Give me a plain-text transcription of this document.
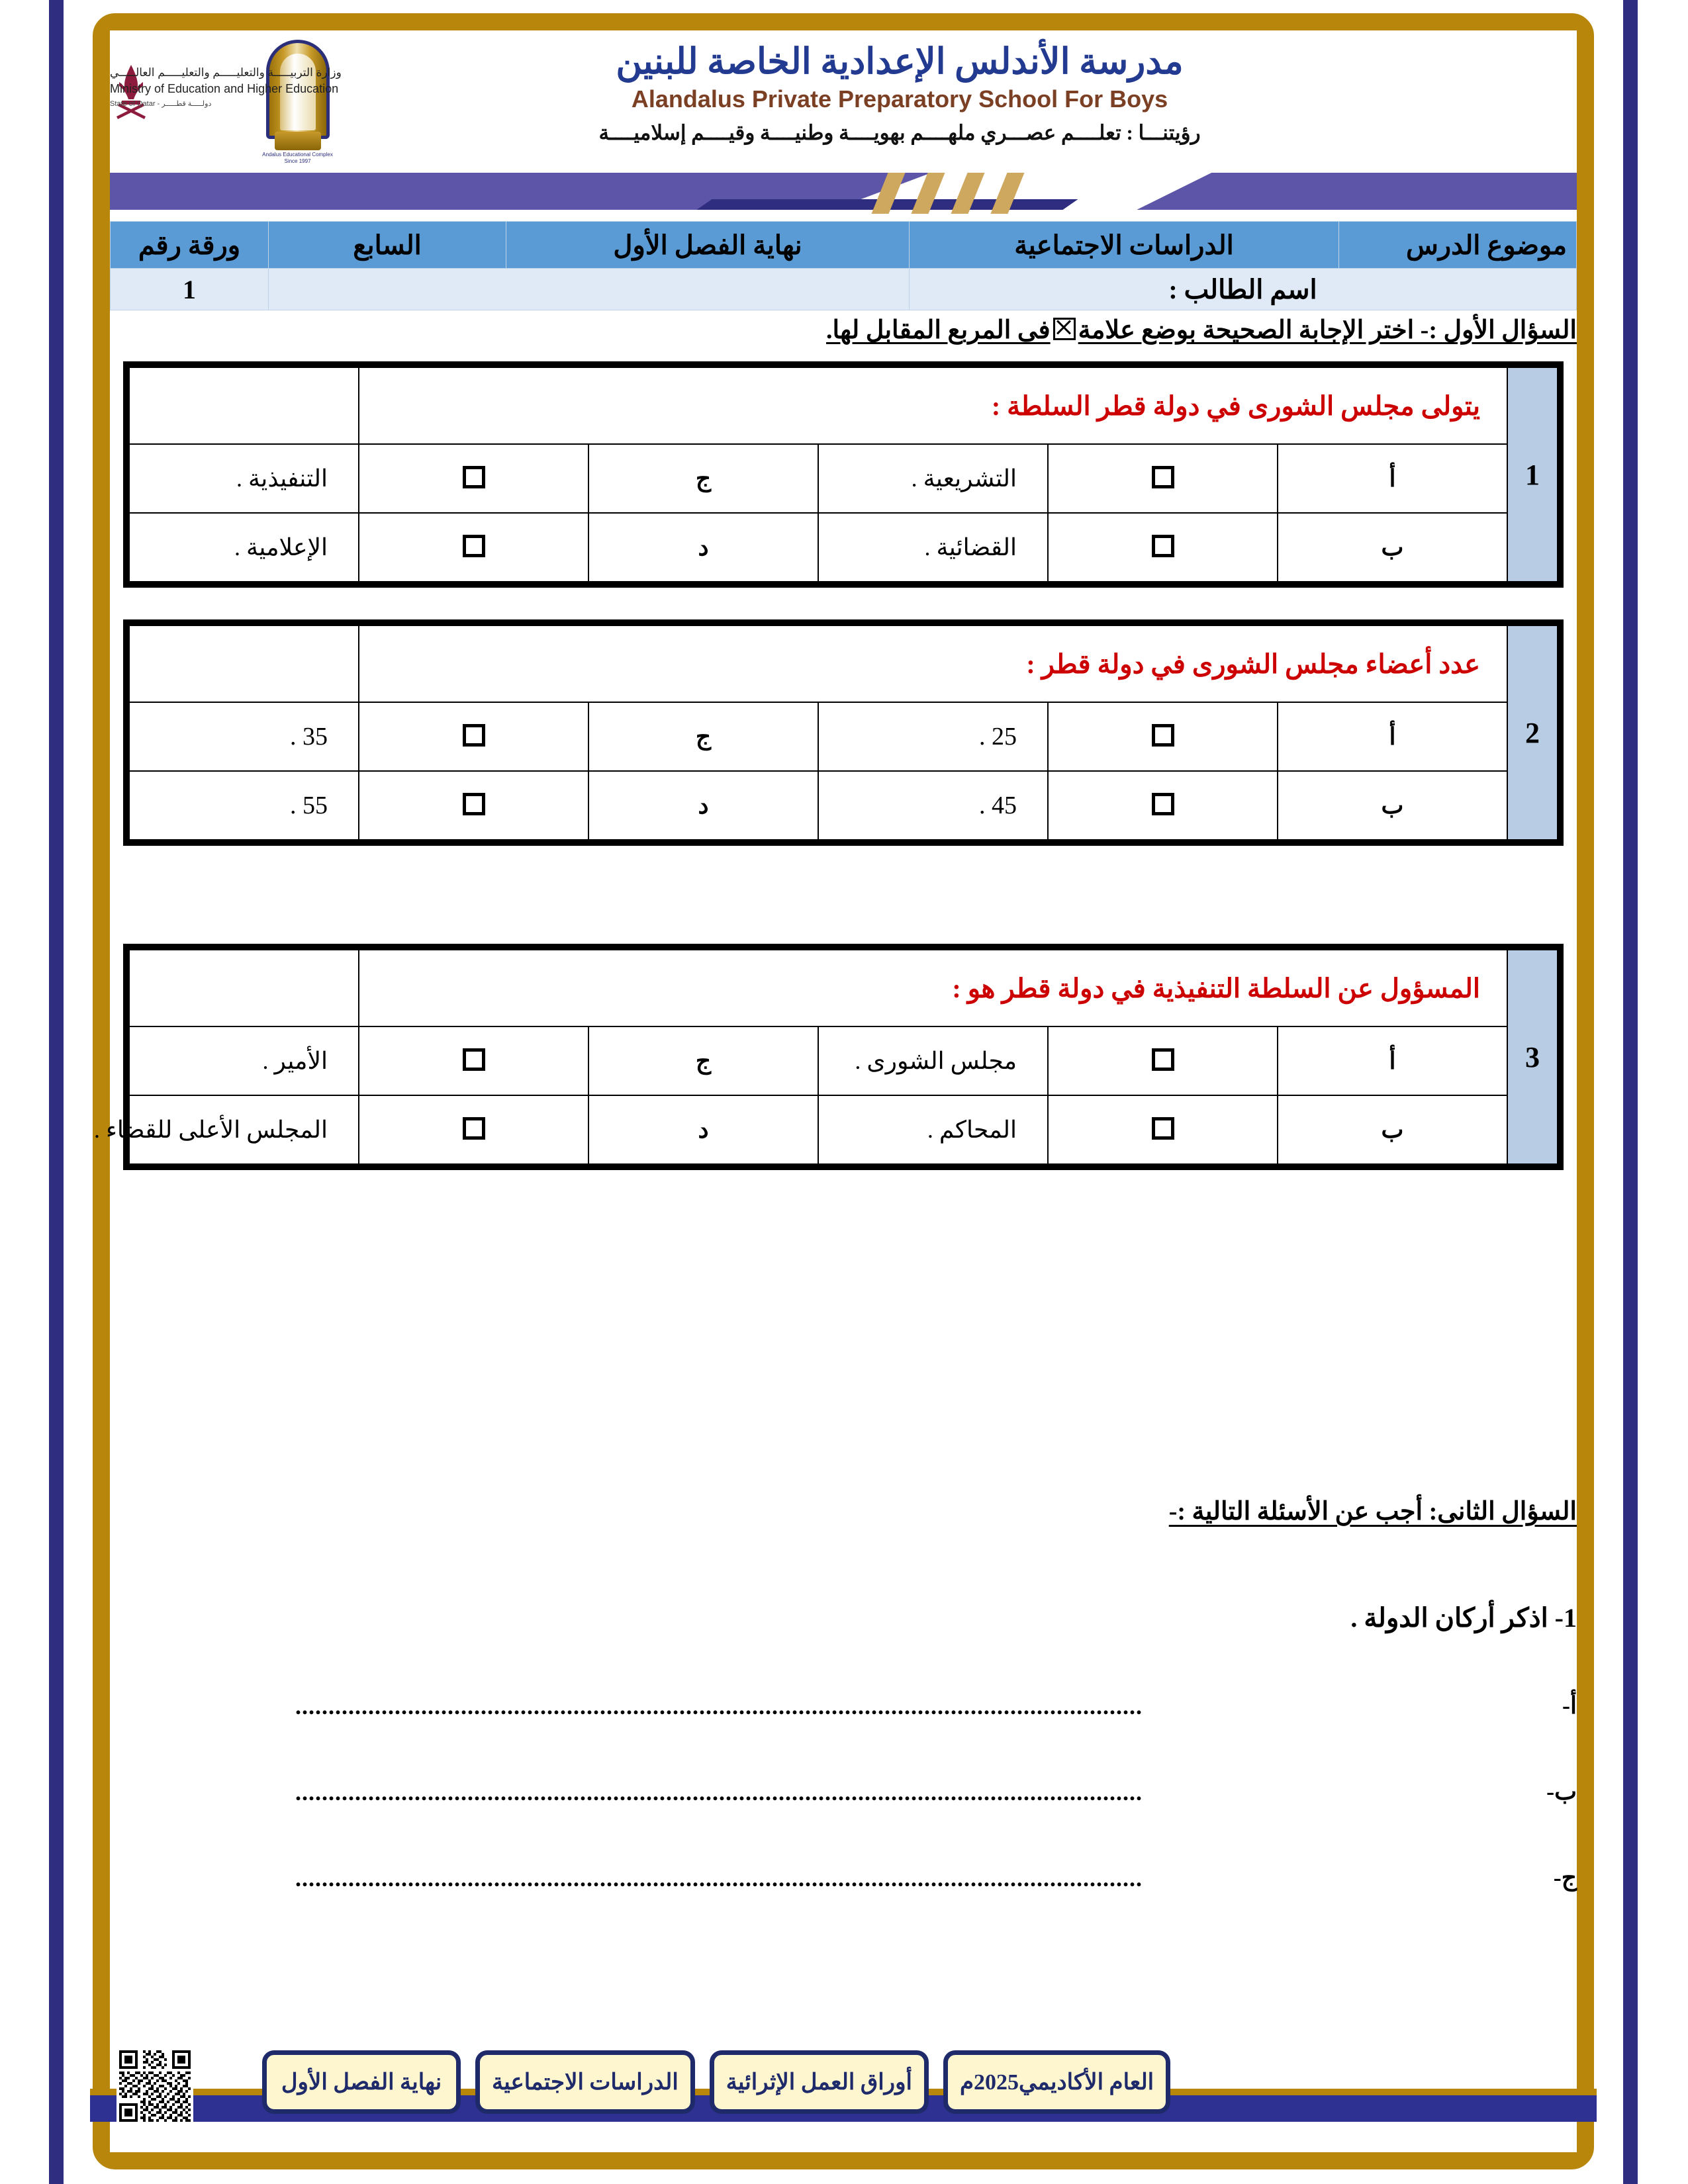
Andalus Educational Complex
Since 1997
مدرسة الأندلس الإعدادية الخاصة للبنين
Alandalus Private Preparatory School For Boys
رؤيتنـــا : تعلــــم عصـــري ملهــــم بهويــــة وطنيــــة وقيــــم إسلاميــــة
وزارة التربيـــــة والتعليـــــم والتعليـــــم العالـــــي
Ministry of Education and Higher Education
دولـــــة قطـــــر - State of Qatar
موضوع الدرس	الدراسات الاجتماعية	نهاية الفصل الأول	السابع	ورقة رقم
اسم الطالب :				1
السؤال الأول :- اختر الإجابة الصحيحة بوضع علامةفى المربع المقابل لها.
1	يتولى مجلس الشورى في دولة قطر السلطة :					
	أ		التشريعية .	ج		التنفيذية .
	ب		القضائية .	د		الإعلامية .
2	عدد أعضاء مجلس الشورى في دولة قطر :					
	أ		25 .	ج		35 .
	ب		45 .	د		55 .
3	المسؤول عن السلطة التنفيذية في دولة قطر هو :					
	أ		مجلس الشورى .	ج		الأمير .
	ب		المحاكم .	د		المجلس الأعلى للقضاء .
السؤال الثانى: أجب عن الأسئلة التالية :-
1- اذكر أركان الدولة .
أ-
................................................................................................................................
ب-
................................................................................................................................
ج-
................................................................................................................................
العام الأكاديمي2025م
أوراق العمل الإثرائية
الدراسات الاجتماعية
نهاية الفصل الأول
